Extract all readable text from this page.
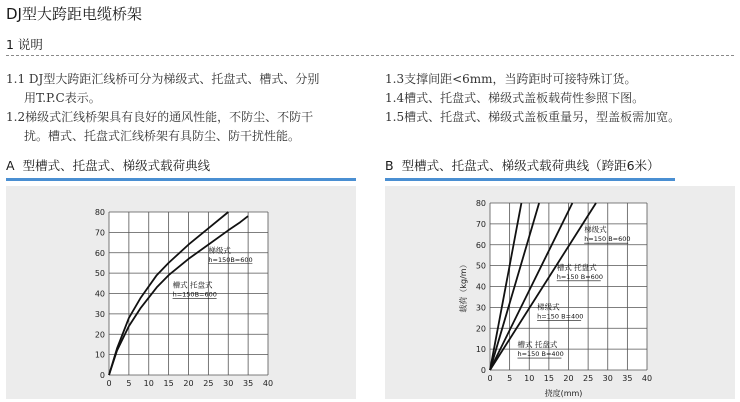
DJ型大跨距电缆桥架
1 说明

1.1 DJ型大跨距汇线桥可分为梯级式、托盘式、槽式、分别

用T.P.C表示。

1.2梯级式汇线桥架具有良好的通风性能，不防尘、不防干

扰。槽式、托盘式汇线桥架有具防尘、防干扰性能。

1.3支撑间距<6mm，当跨距时可接特殊订货。

1.4槽式、托盘式、梯级式盖板载荷性参照下图。

1.5槽式、托盘式、梯级式盖板重量另，型盖板需加宽。

A 型槽式、托盘式、梯级式载荷典线	B 型槽式、托盘式、梯级式载荷典线（跨距6米）
0 5 10 15 20 25 30 35 40
0
10
20
30
40
50
60
70
80
梯级式
h=150B=600
槽式 托盘式
h=150B=600
0 5 10 15 20 25 30 35 40
0
10
20
30
40
50
60
70
80
梯级式
h=150 B=600
槽式 托盘式
h=150 B=600
梯级式
h=150 B=400
槽式 托盘式
h=150 B=400
挠度(mm)
载荷（kg/m）
